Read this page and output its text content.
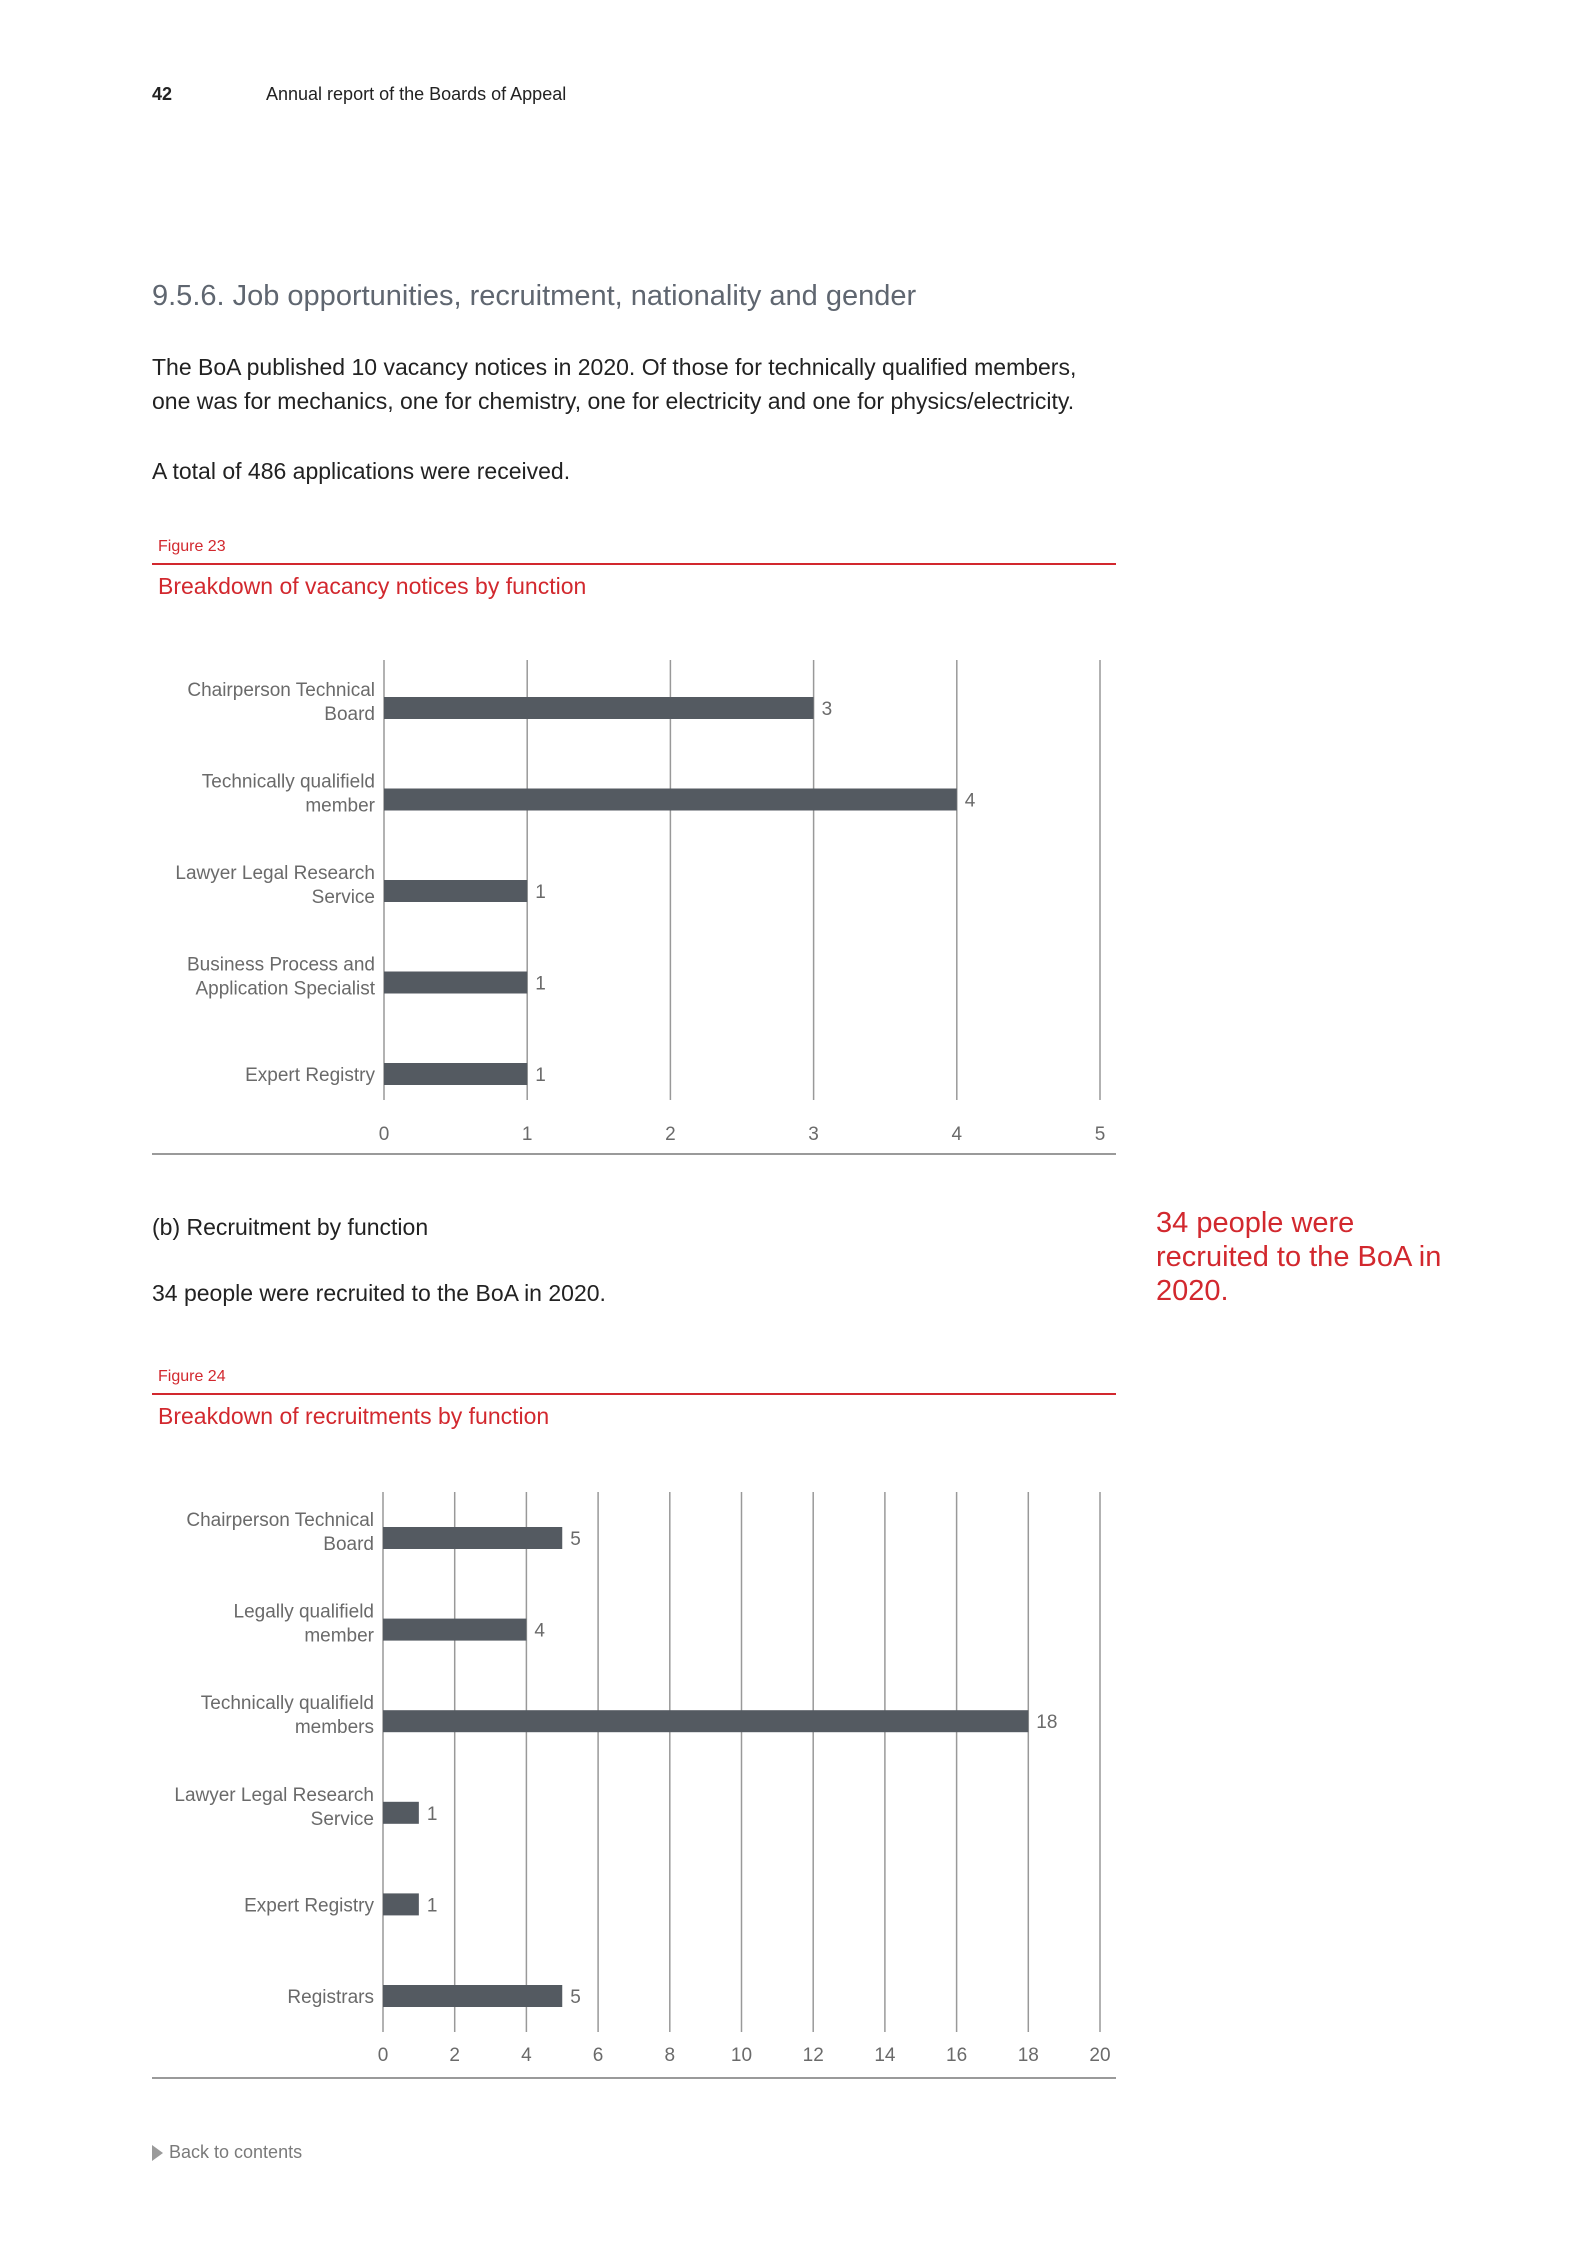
42	Annual report of the Boards of Appeal
9.5.6. Job opportunities, recruitment, nationality and gender

The BoA published 10 vacancy notices in 2020. Of those for technically qualified members, one was for mechanics, one for chemistry, one for electricity and one for physics/electricity.

A total of 486 applications were received.

Figure 23
Breakdown of vacancy notices by function
0	1	2	3	4	5
3
Chairperson Technical
Board
4
Technically qualifield
member
1
Lawyer Legal Research
Service
1
Business Process and
Application Specialist
1
Expert Registry
0	2	4	6	8	10	12	14	16	18	20
5
Chairperson Technical
Board
4
Legally qualifield
member
18
Technically qualifield
members
1
Lawyer Legal Research
Service
1
Expert Registry
5
Registrars
(b) Recruitment by function

34 people were recruited to the BoA in 2020.

34 people were recruited to the BoA in 2020.

Figure 24
Breakdown of recruitments by function
Back to contents
